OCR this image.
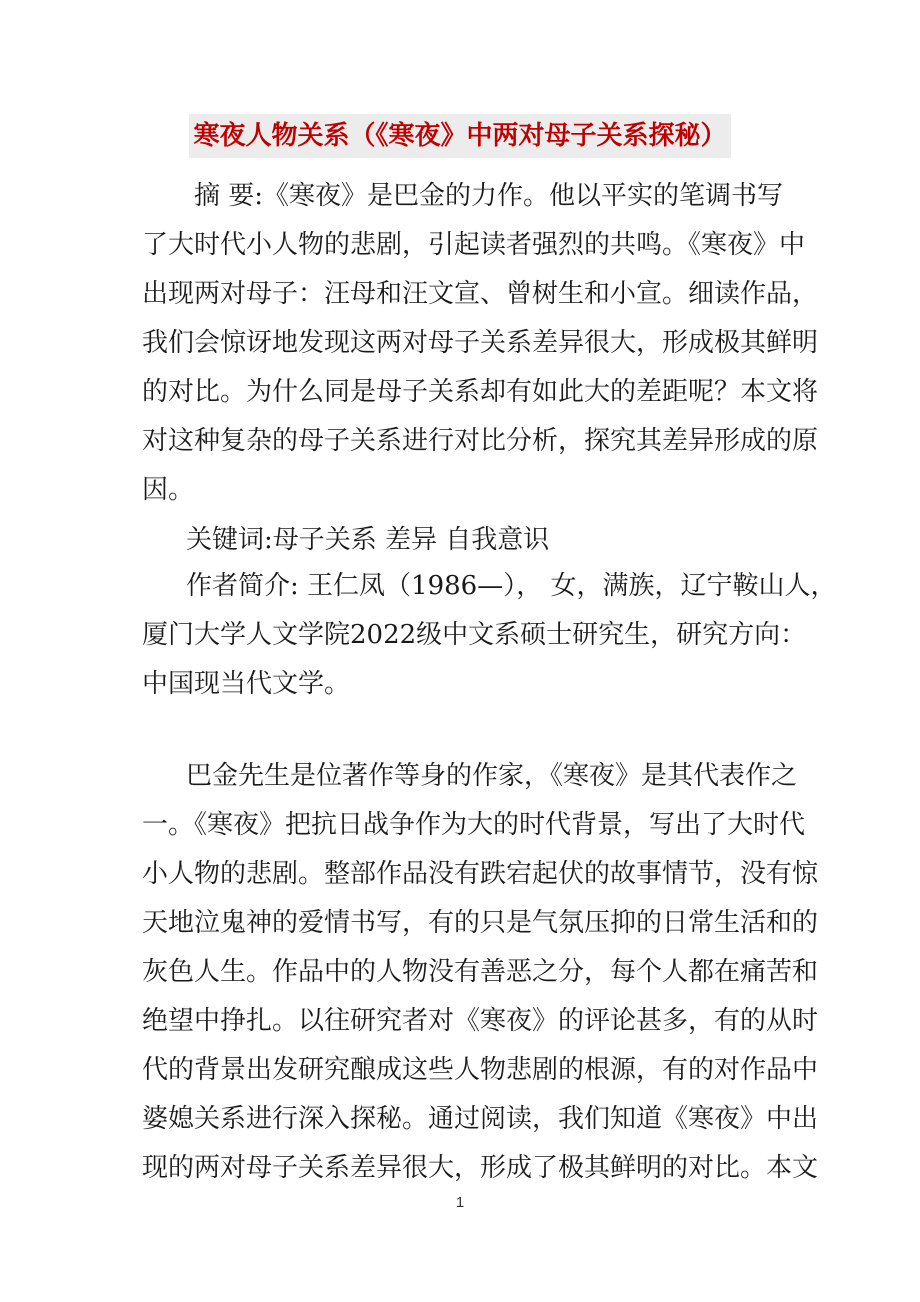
寒夜人物关系（《寒夜》中两对母子关系探秘）
摘 要:《寒夜》是巴金的力作。他以平实的笔调书写
了大时代小人物的悲剧，引起读者强烈的共鸣。《寒夜》中
出现两对母子：汪母和汪文宣、曾树生和小宣。细读作品，
我们会惊讶地发现这两对母子关系差异很大，形成极其鲜明
的对比。为什么同是母子关系却有如此大的差距呢？本文将
对这种复杂的母子关系进行对比分析，探究其差异形成的原
因。
关键词:母子关系 差异 自我意识
作者简介: 王仁凤（1986—）， 女，满族，辽宁鞍山人，
厦门大学人文学院2022级中文系硕士研究生，研究方向：
中国现当代文学。
巴金先生是位著作等身的作家，《寒夜》是其代表作之
一。《寒夜》把抗日战争作为大的时代背景，写出了大时代
小人物的悲剧。整部作品没有跌宕起伏的故事情节，没有惊
天地泣鬼神的爱情书写，有的只是气氛压抑的日常生活和的
灰色人生。作品中的人物没有善恶之分，每个人都在痛苦和
绝望中挣扎。以往研究者对《寒夜》的评论甚多，有的从时
代的背景出发研究酿成这些人物悲剧的根源，有的对作品中
婆媳关系进行深入探秘。通过阅读，我们知道《寒夜》中出
现的两对母子关系差异很大，形成了极其鲜明的对比。本文
1
